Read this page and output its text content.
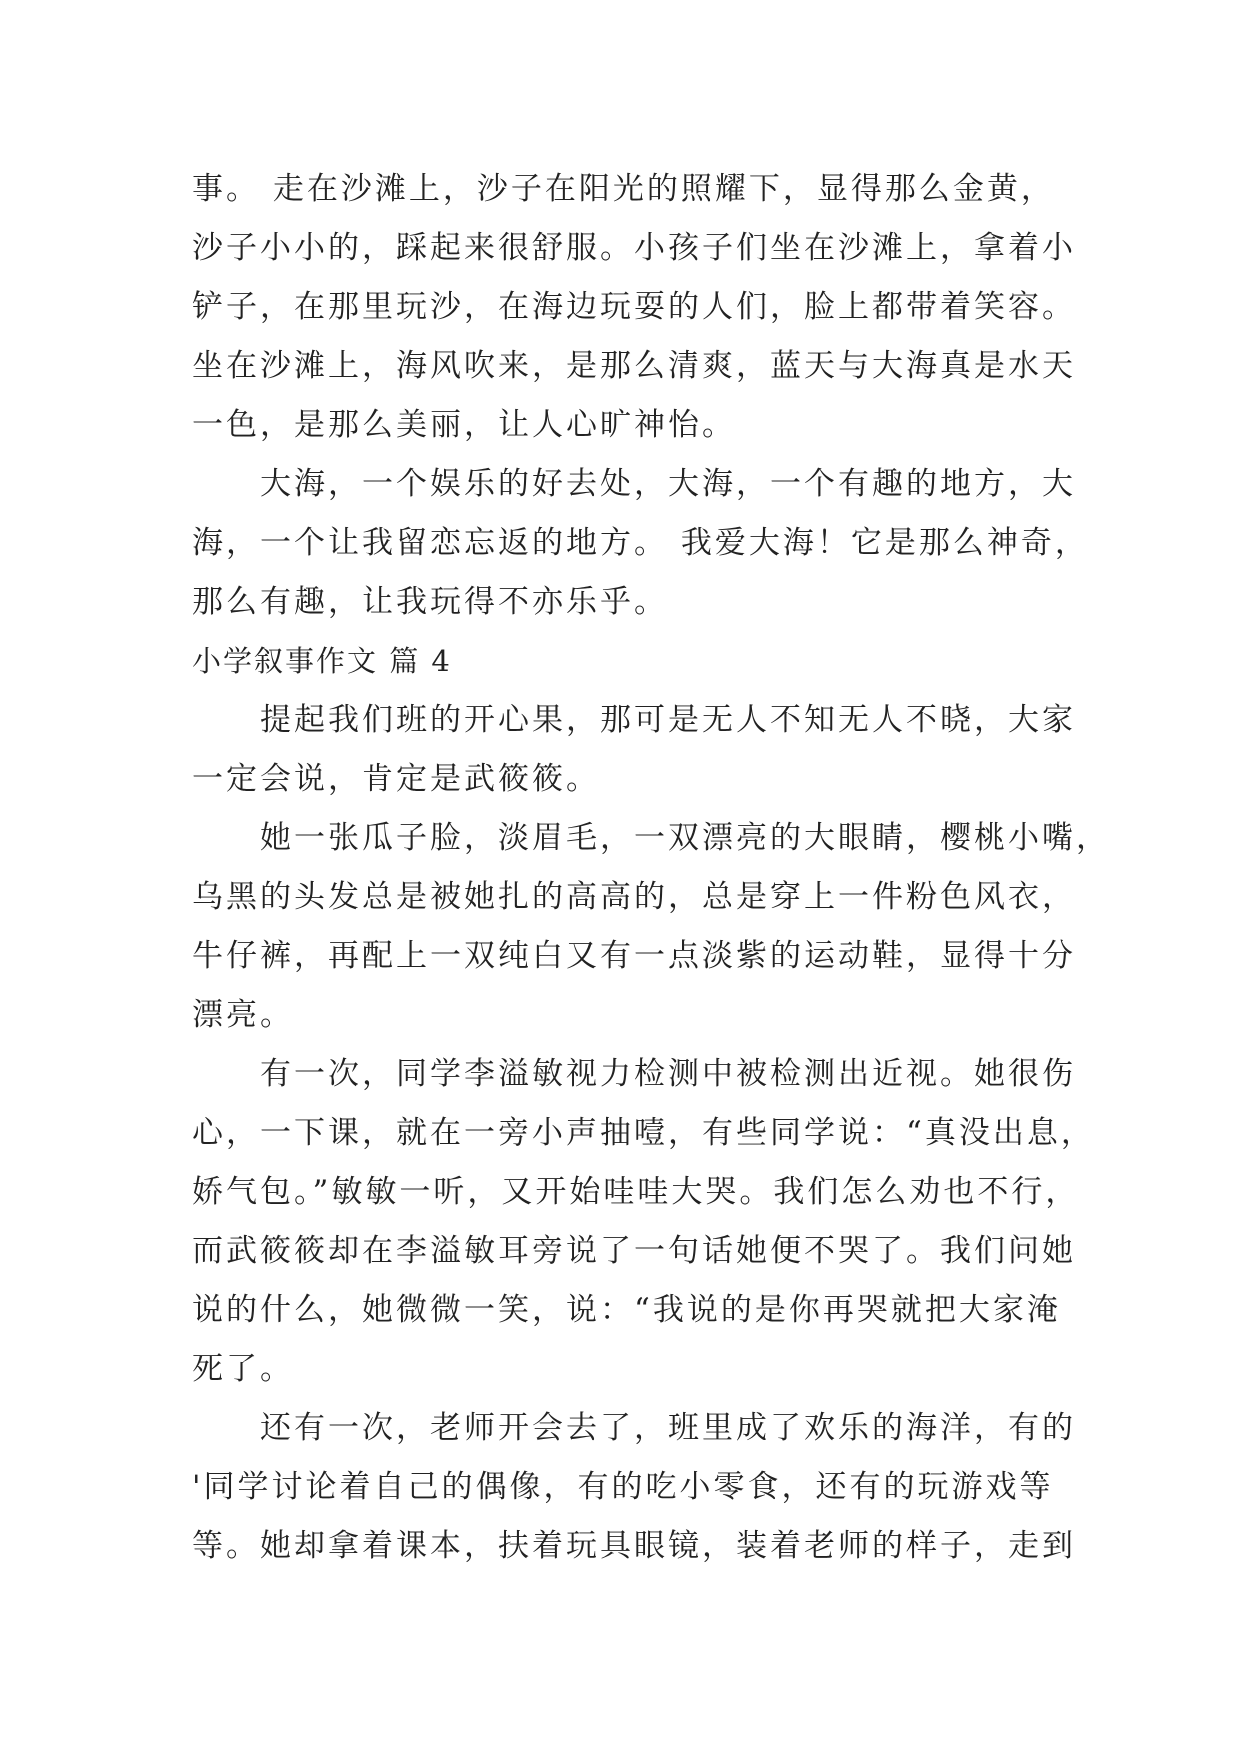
事。 走在沙滩上，沙子在阳光的照耀下，显得那么金黄，
沙子小小的，踩起来很舒服。小孩子们坐在沙滩上，拿着小
铲子，在那里玩沙，在海边玩耍的人们，脸上都带着笑容。
坐在沙滩上，海风吹来，是那么清爽，蓝天与大海真是水天
一色，是那么美丽，让人心旷神怡。
大海，一个娱乐的好去处，大海，一个有趣的地方，大
海，一个让我留恋忘返的地方。 我爱大海！它是那么神奇，
那么有趣，让我玩得不亦乐乎。
小学叙事作文 篇 4
提起我们班的开心果，那可是无人不知无人不晓，大家
一定会说，肯定是武筱筱。
她一张瓜子脸，淡眉毛，一双漂亮的大眼睛，樱桃小嘴，
乌黑的头发总是被她扎的高高的，总是穿上一件粉色风衣，
牛仔裤，再配上一双纯白又有一点淡紫的运动鞋，显得十分
漂亮。
有一次，同学李溢敏视力检测中被检测出近视。她很伤
心，一下课，就在一旁小声抽噎，有些同学说：“真没出息，
娇气包。”敏敏一听，又开始哇哇大哭。我们怎么劝也不行，
而武筱筱却在李溢敏耳旁说了一句话她便不哭了。我们问她
说的什么，她微微一笑，说：“我说的是你再哭就把大家淹
死了。
还有一次，老师开会去了，班里成了欢乐的海洋，有的
'同学讨论着自己的偶像，有的吃小零食，还有的玩游戏等
等。她却拿着课本，扶着玩具眼镜，装着老师的样子，走到
